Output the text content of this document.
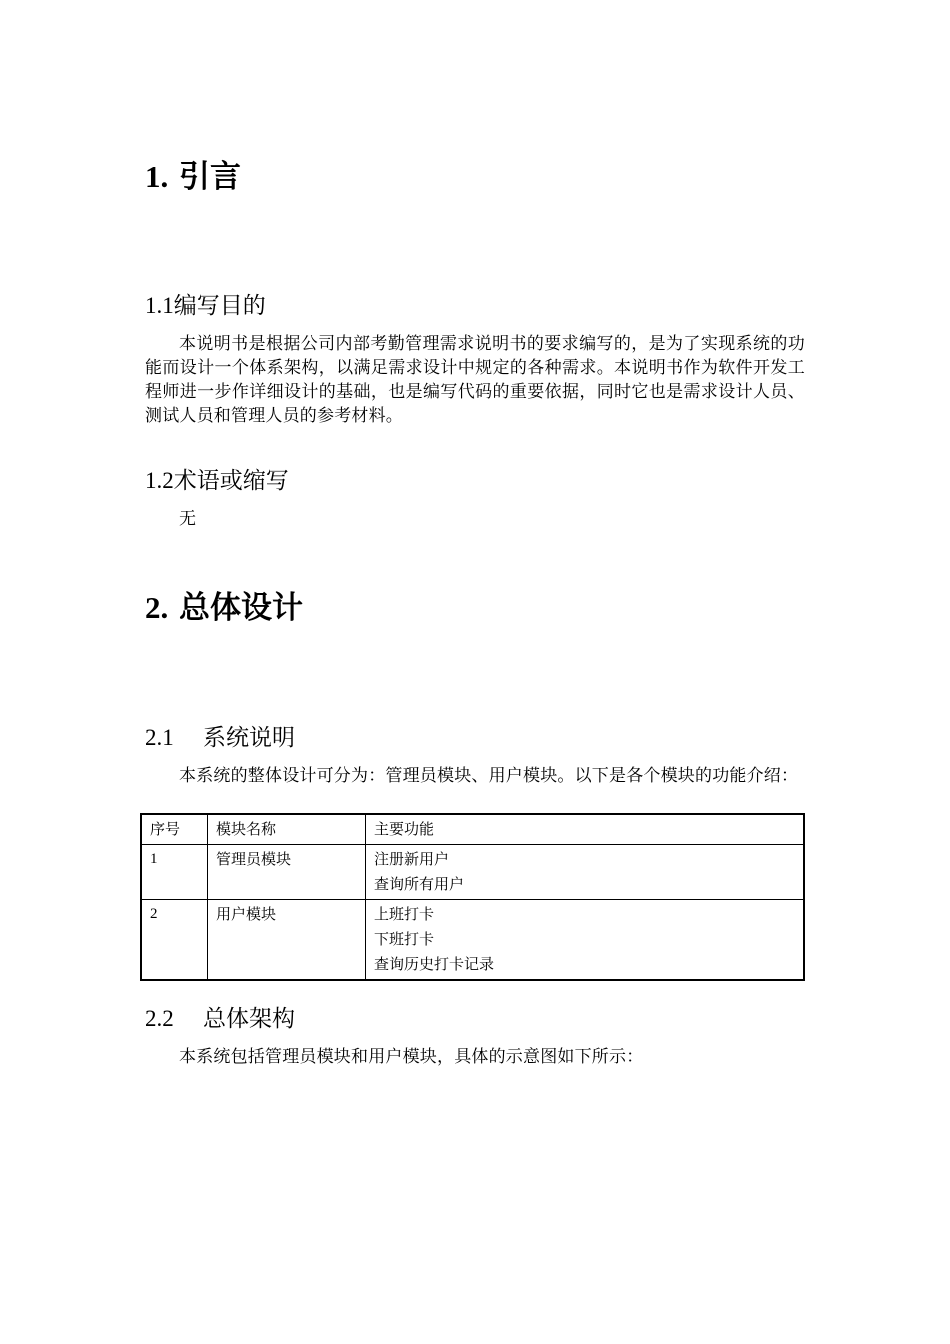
1. 引言
1.1编写目的
本说明书是根据公司内部考勤管理需求说明书的要求编写的，是为了实现系统的功能而设计一个体系架构，以满足需求设计中规定的各种需求。本说明书作为软件开发工程师进一步作详细设计的基础，也是编写代码的重要依据，同时它也是需求设计人员、测试人员和管理人员的参考材料。
1.2术语或缩写
无
2. 总体设计
2.1 系统说明
本系统的整体设计可分为：管理员模块、用户模块。以下是各个模块的功能介绍：
2.2 总体架构
本系统包括管理员模块和用户模块，具体的示意图如下所示：
序号	模块名称	主要功能
1	管理员模块	注册新用户
查询所有用户

2	用户模块	上班打卡
下班打卡
查询历史打卡记录
